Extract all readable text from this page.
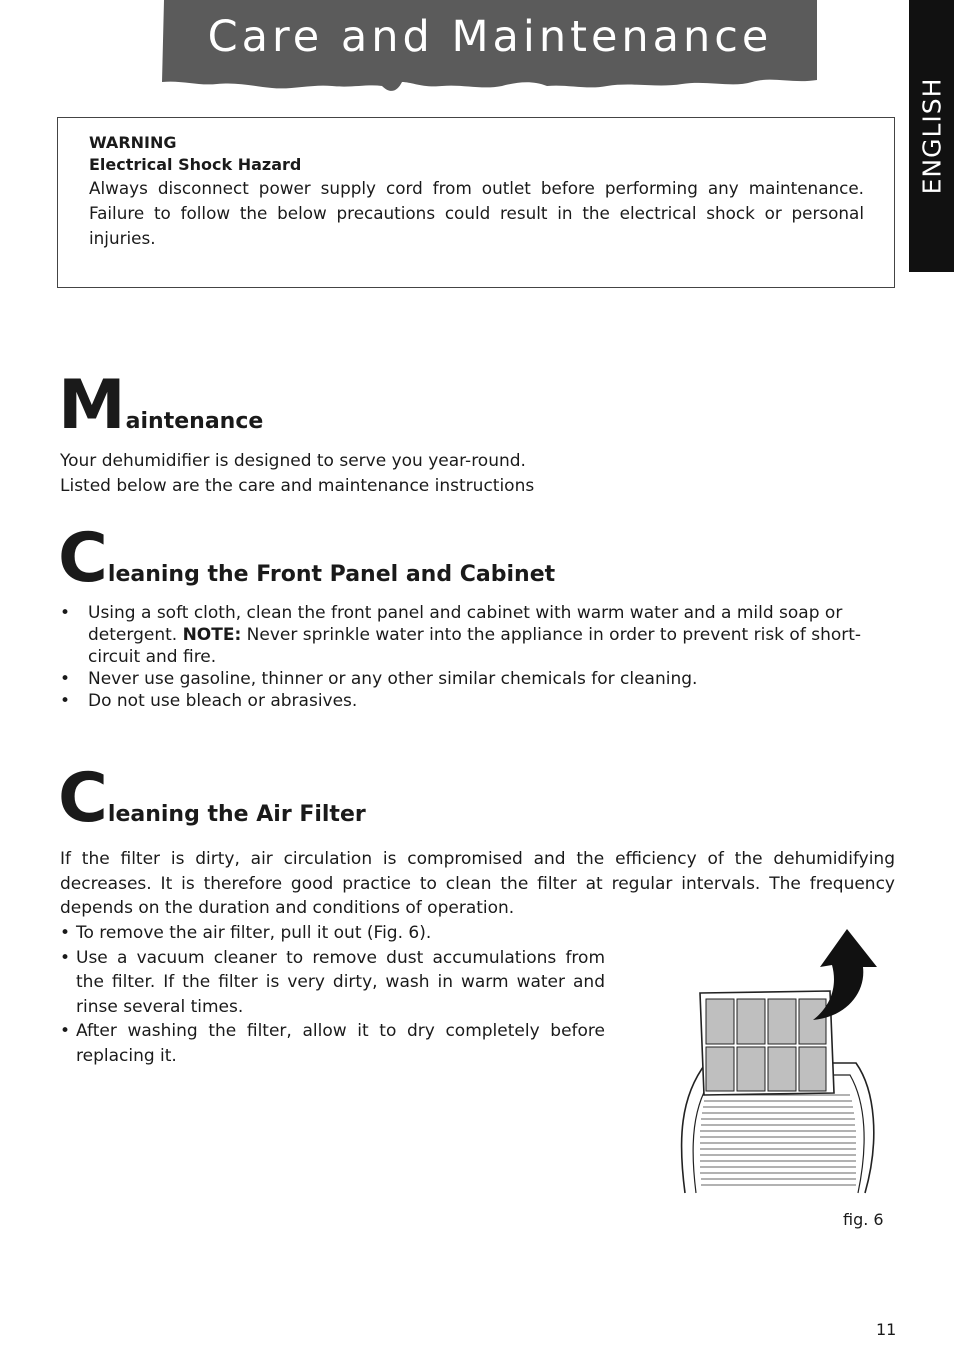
Care and Maintenance
ENGLISH
WARNING
Electrical Shock Hazard
Always disconnect power supply cord from outlet before performing any maintenance. Failure to follow the below precautions could result in the electrical shock or personal injuries.
Maintenance
Your dehumidifier is designed to serve you year-round.
Listed below are the care and maintenance instructions
Cleaning the Front Panel and Cabinet
• Using a soft cloth, clean the front panel and cabinet with warm water and a mild soap or detergent. NOTE: Never sprinkle water into the appliance in order to prevent risk of short-circuit and fire.
• Never use gasoline, thinner or any other similar chemicals for cleaning.
• Do not use bleach or abrasives.
Cleaning the Air Filter
If the filter is dirty, air circulation is compromised and the efficiency of the dehumidifying decreases. It is therefore good practice to clean the filter at regular intervals. The frequency depends on the duration and conditions of operation.
• To remove the air filter, pull it out (Fig. 6).
• Use a vacuum cleaner to remove dust accumulations from the filter. If the filter is very dirty, wash in warm water and rinse several times.
• After washing the filter, allow it to dry completely before replacing it.
fig. 6
11
